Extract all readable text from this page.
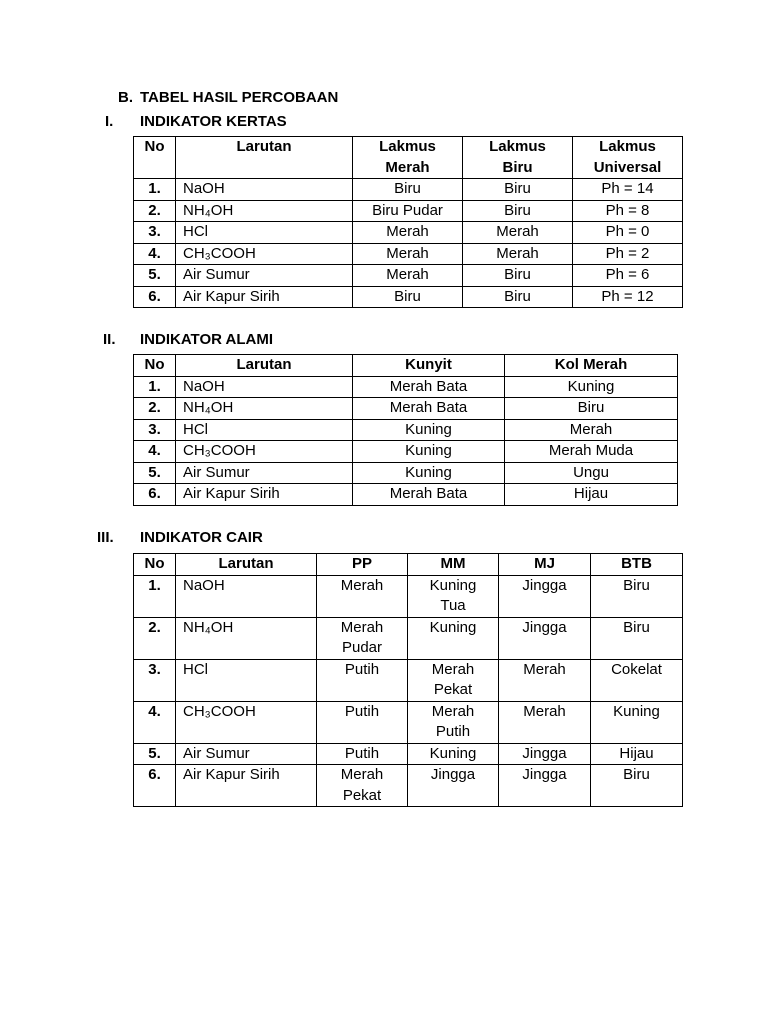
B. TABEL HASIL PERCOBAAN
I. INDIKATOR KERTAS
No	Larutan	Lakmus Merah	Lakmus Biru	Lakmus Universal
1.	NaOH	Biru	Biru	Ph = 14
2.	NH₄OH	Biru Pudar	Biru	Ph = 8
3.	HCl	Merah	Merah	Ph = 0
4.	CH₃COOH	Merah	Merah	Ph = 2
5.	Air Sumur	Merah	Biru	Ph = 6
6.	Air Kapur Sirih	Biru	Biru	Ph = 12
II. INDIKATOR ALAMI
No	Larutan	Kunyit	Kol Merah
1.	NaOH	Merah Bata	Kuning
2.	NH₄OH	Merah Bata	Biru
3.	HCl	Kuning	Merah
4.	CH₃COOH	Kuning	Merah Muda
5.	Air Sumur	Kuning	Ungu
6.	Air Kapur Sirih	Merah Bata	Hijau
III. INDIKATOR CAIR
No	Larutan	PP	MM	MJ	BTB
1.	NaOH	Merah	Kuning Tua	Jingga	Biru
2.	NH₄OH	Merah Pudar	Kuning	Jingga	Biru
3.	HCl	Putih	Merah Pekat	Merah	Cokelat
4.	CH₃COOH	Putih	Merah Putih	Merah	Kuning
5.	Air Sumur	Putih	Kuning	Jingga	Hijau
6.	Air Kapur Sirih	Merah Pekat	Jingga	Jingga	Biru
